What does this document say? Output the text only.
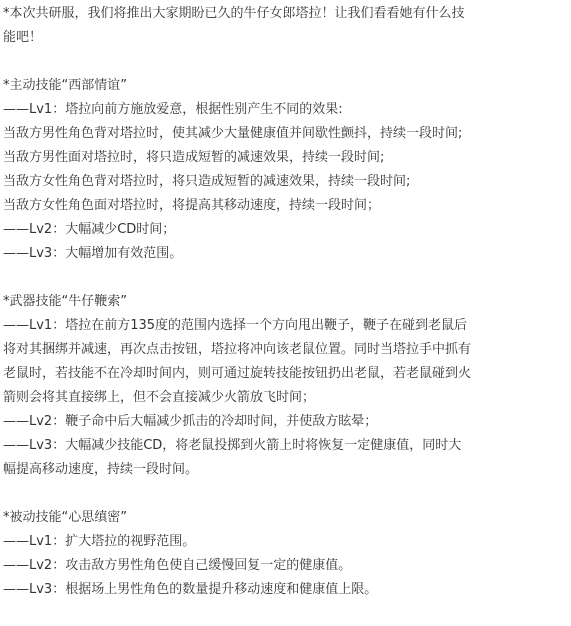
*本次共研服，我们将推出大家期盼已久的牛仔女郎塔拉！让我们看看她有什么技
能吧！
*主动技能“西部情谊”
——Lv1：塔拉向前方施放爱意，根据性别产生不同的效果:
当敌方男性角色背对塔拉时，使其减少大量健康值并间歇性颤抖，持续一段时间;
当敌方男性面对塔拉时，将只造成短暂的减速效果，持续一段时间;
当敌方女性角色背对塔拉时，将只造成短暂的减速效果，持续一段时间;
当敌方女性角色面对塔拉时，将提高其移动速度，持续一段时间；
——Lv2：大幅减少CD时间；
——Lv3：大幅增加有效范围。
*武器技能“牛仔鞭索”
——Lv1：塔拉在前方135度的范围内选择一个方向甩出鞭子，鞭子在碰到老鼠后
将对其捆绑并减速，再次点击按钮，塔拉将冲向该老鼠位置。同时当塔拉手中抓有
老鼠时，若技能不在冷却时间内，则可通过旋转技能按钮扔出老鼠，若老鼠碰到火
箭则会将其直接绑上，但不会直接减少火箭放飞时间；
——Lv2：鞭子命中后大幅减少抓击的冷却时间，并使敌方眩晕；
——Lv3：大幅减少技能CD，将老鼠投掷到火箭上时将恢复一定健康值，同时大
幅提高移动速度，持续一段时间。
*被动技能“心思缜密”
——Lv1：扩大塔拉的视野范围。
——Lv2：攻击敌方男性角色使自己缓慢回复一定的健康值。
——Lv3：根据场上男性角色的数量提升移动速度和健康值上限。
